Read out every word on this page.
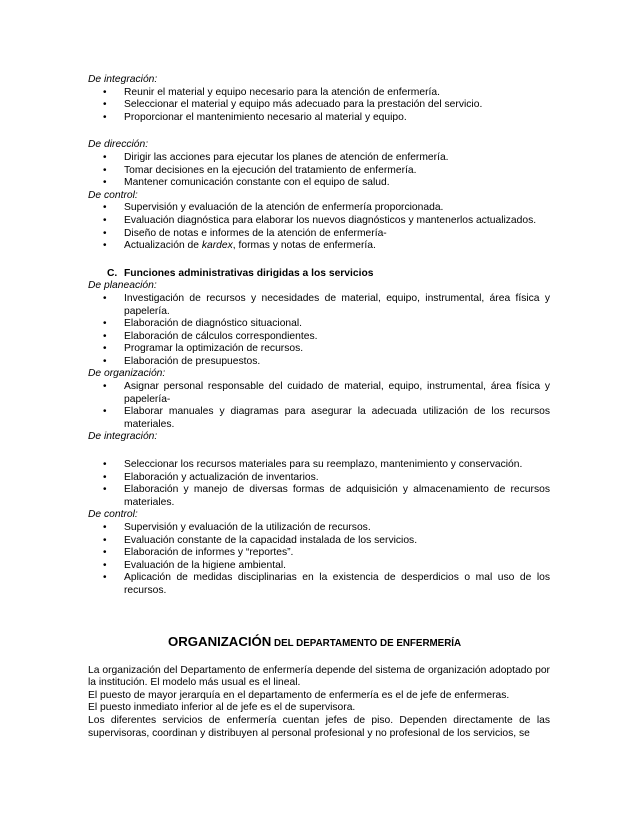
De integración:

• Reunir el material y equipo necesario para la atención de enfermería.
• Seleccionar el material y equipo más adecuado para la prestación del servicio.
• Proporcionar el mantenimiento necesario al material y equipo.

De dirección:

• Dirigir las acciones para ejecutar los planes de atención de enfermería.
• Tomar decisiones en la ejecución del tratamiento de enfermería.
• Mantener comunicación constante con el equipo de salud.

De control:

• Supervisión y evaluación de la atención de enfermería proporcionada.
• Evaluación diagnóstica para elaborar los nuevos diagnósticos y mantenerlos actualizados.
• Diseño de notas e informes de la atención de enfermería-
• Actualización de kardex, formas y notas de enfermería.

C. Funciones administrativas dirigidas a los servicios

De planeación:

• Investigación de recursos y necesidades de material, equipo, instrumental, área física y papelería.
• Elaboración de diagnóstico situacional.
• Elaboración de cálculos correspondientes.
• Programar la optimización de recursos.
• Elaboración de presupuestos.

De organización:

• Asignar personal responsable del cuidado de material, equipo, instrumental, área física y papelería-
• Elaborar manuales y diagramas para asegurar la adecuada utilización de los recursos materiales.

De integración:

• Seleccionar los recursos materiales para su reemplazo, mantenimiento y conservación.
• Elaboración y actualización de inventarios.
• Elaboración y manejo de diversas formas de adquisición y almacenamiento de recursos materiales.

De control:

• Supervisión y evaluación de la utilización de recursos.
• Evaluación constante de la capacidad instalada de los servicios.
• Elaboración de informes y “reportes”.
• Evaluación de la higiene ambiental.
• Aplicación de medidas disciplinarias en la existencia de desperdicios o mal uso de los recursos.

ORGANIZACIÓN DEL DEPARTAMENTO DE ENFERMERÍA

La organización del Departamento de enfermería depende del sistema de organización adoptado por la institución. El modelo más usual es el lineal.

El puesto de mayor jerarquía en el departamento de enfermería es el de jefe de enfermeras.

El puesto inmediato inferior al de jefe es el de supervisora.

Los diferentes servicios de enfermería cuentan jefes de piso. Dependen directamente de las supervisoras, coordinan y distribuyen al personal profesional y no profesional de los servicios, se
